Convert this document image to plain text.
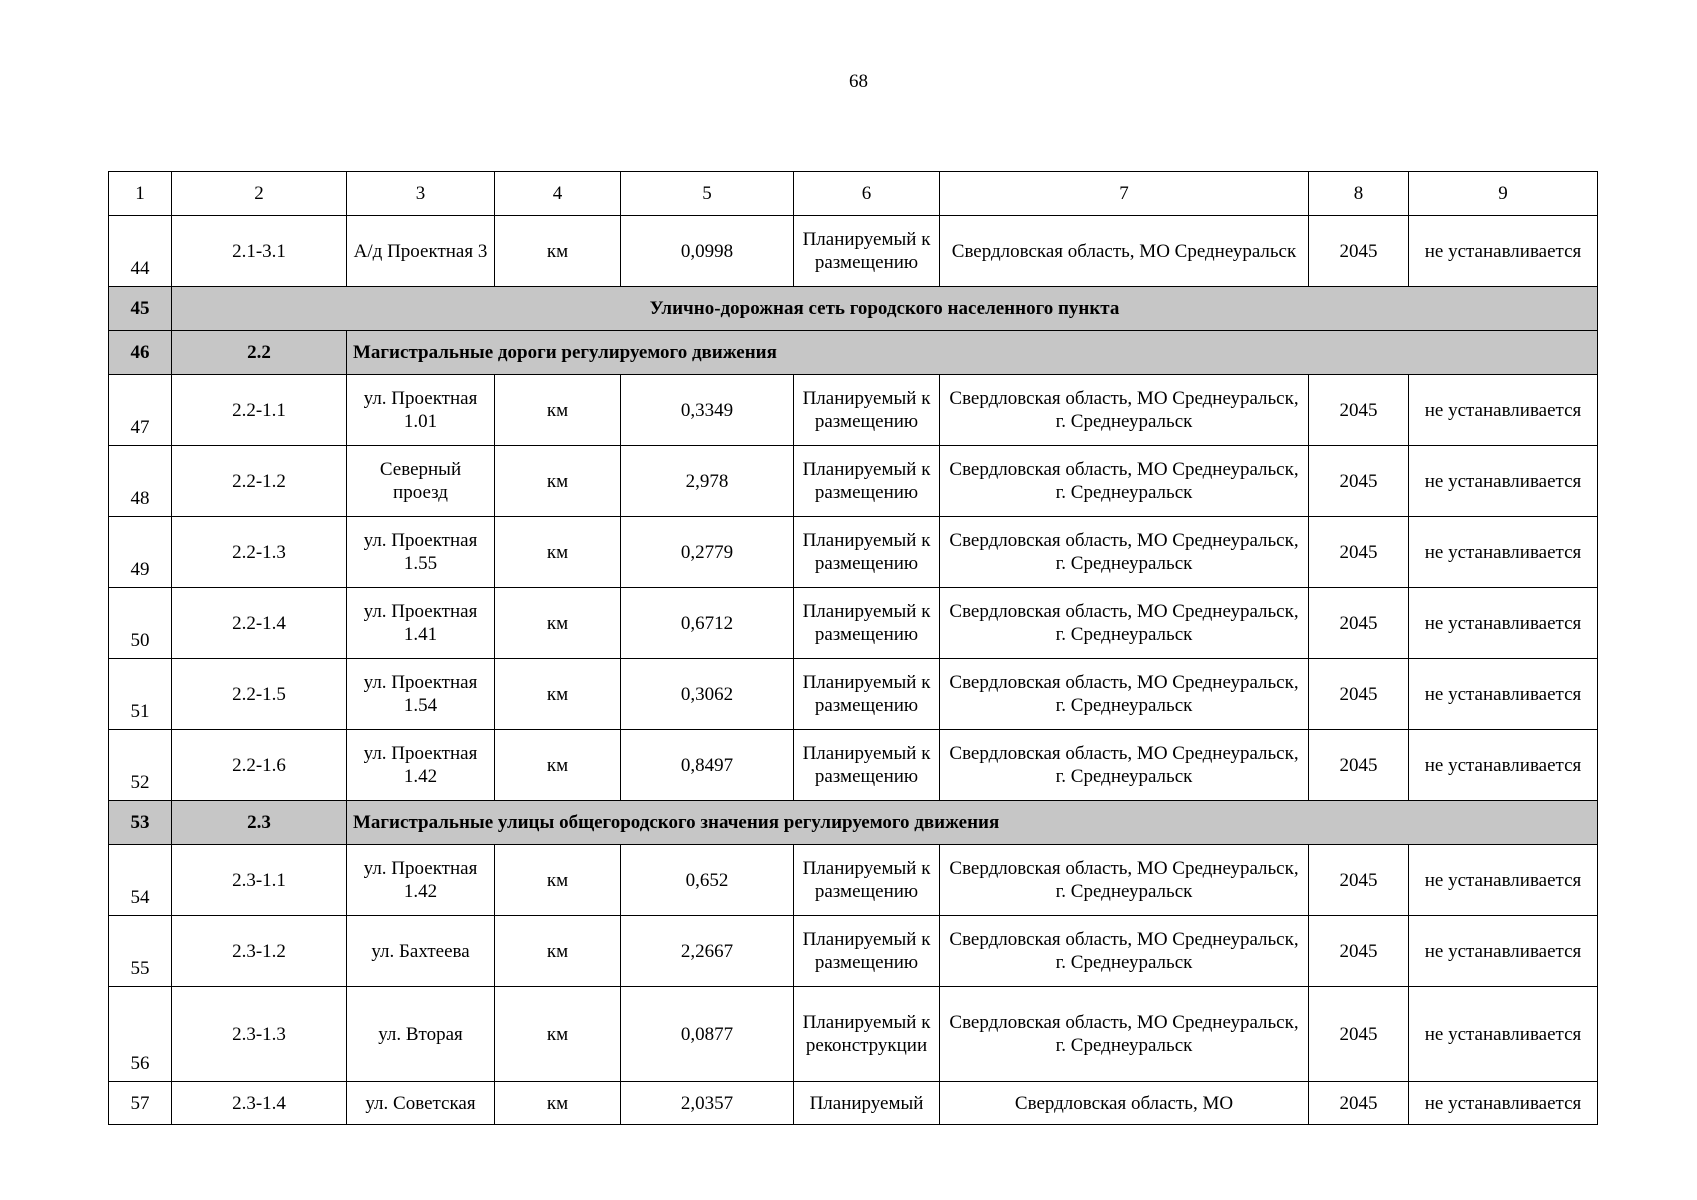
68
1	2	3	4	5	6	7	8	9
44	2.1-3.1	А/д Проектная 3	км	0,0998	Планируемый к размещению	Свердловская область, МО Среднеуральск	2045	не устанавливается
45	Улично-дорожная сеть городского населенного пункта							
46	2.2	Магистральные дороги регулируемого движения						
47	2.2-1.1	ул. Проектная 1.01	км	0,3349	Планируемый к размещению	Свердловская область, МО Среднеуральск, г. Среднеуральск	2045	не устанавливается
48	2.2-1.2	Северный проезд	км	2,978	Планируемый к размещению	Свердловская область, МО Среднеуральск, г. Среднеуральск	2045	не устанавливается
49	2.2-1.3	ул. Проектная 1.55	км	0,2779	Планируемый к размещению	Свердловская область, МО Среднеуральск, г. Среднеуральск	2045	не устанавливается
50	2.2-1.4	ул. Проектная 1.41	км	0,6712	Планируемый к размещению	Свердловская область, МО Среднеуральск, г. Среднеуральск	2045	не устанавливается
51	2.2-1.5	ул. Проектная 1.54	км	0,3062	Планируемый к размещению	Свердловская область, МО Среднеуральск, г. Среднеуральск	2045	не устанавливается
52	2.2-1.6	ул. Проектная 1.42	км	0,8497	Планируемый к размещению	Свердловская область, МО Среднеуральск, г. Среднеуральск	2045	не устанавливается
53	2.3	Магистральные улицы общегородского значения регулируемого движения						
54	2.3-1.1	ул. Проектная 1.42	км	0,652	Планируемый к размещению	Свердловская область, МО Среднеуральск, г. Среднеуральск	2045	не устанавливается
55	2.3-1.2	ул. Бахтеева	км	2,2667	Планируемый к размещению	Свердловская область, МО Среднеуральск, г. Среднеуральск	2045	не устанавливается
56	2.3-1.3	ул. Вторая	км	0,0877	Планируемый к реконструкции	Свердловская область, МО Среднеуральск, г. Среднеуральск	2045	не устанавливается
57	2.3-1.4	ул. Советская	км	2,0357	Планируемый	Свердловская область, МО	2045	не устанавливается
